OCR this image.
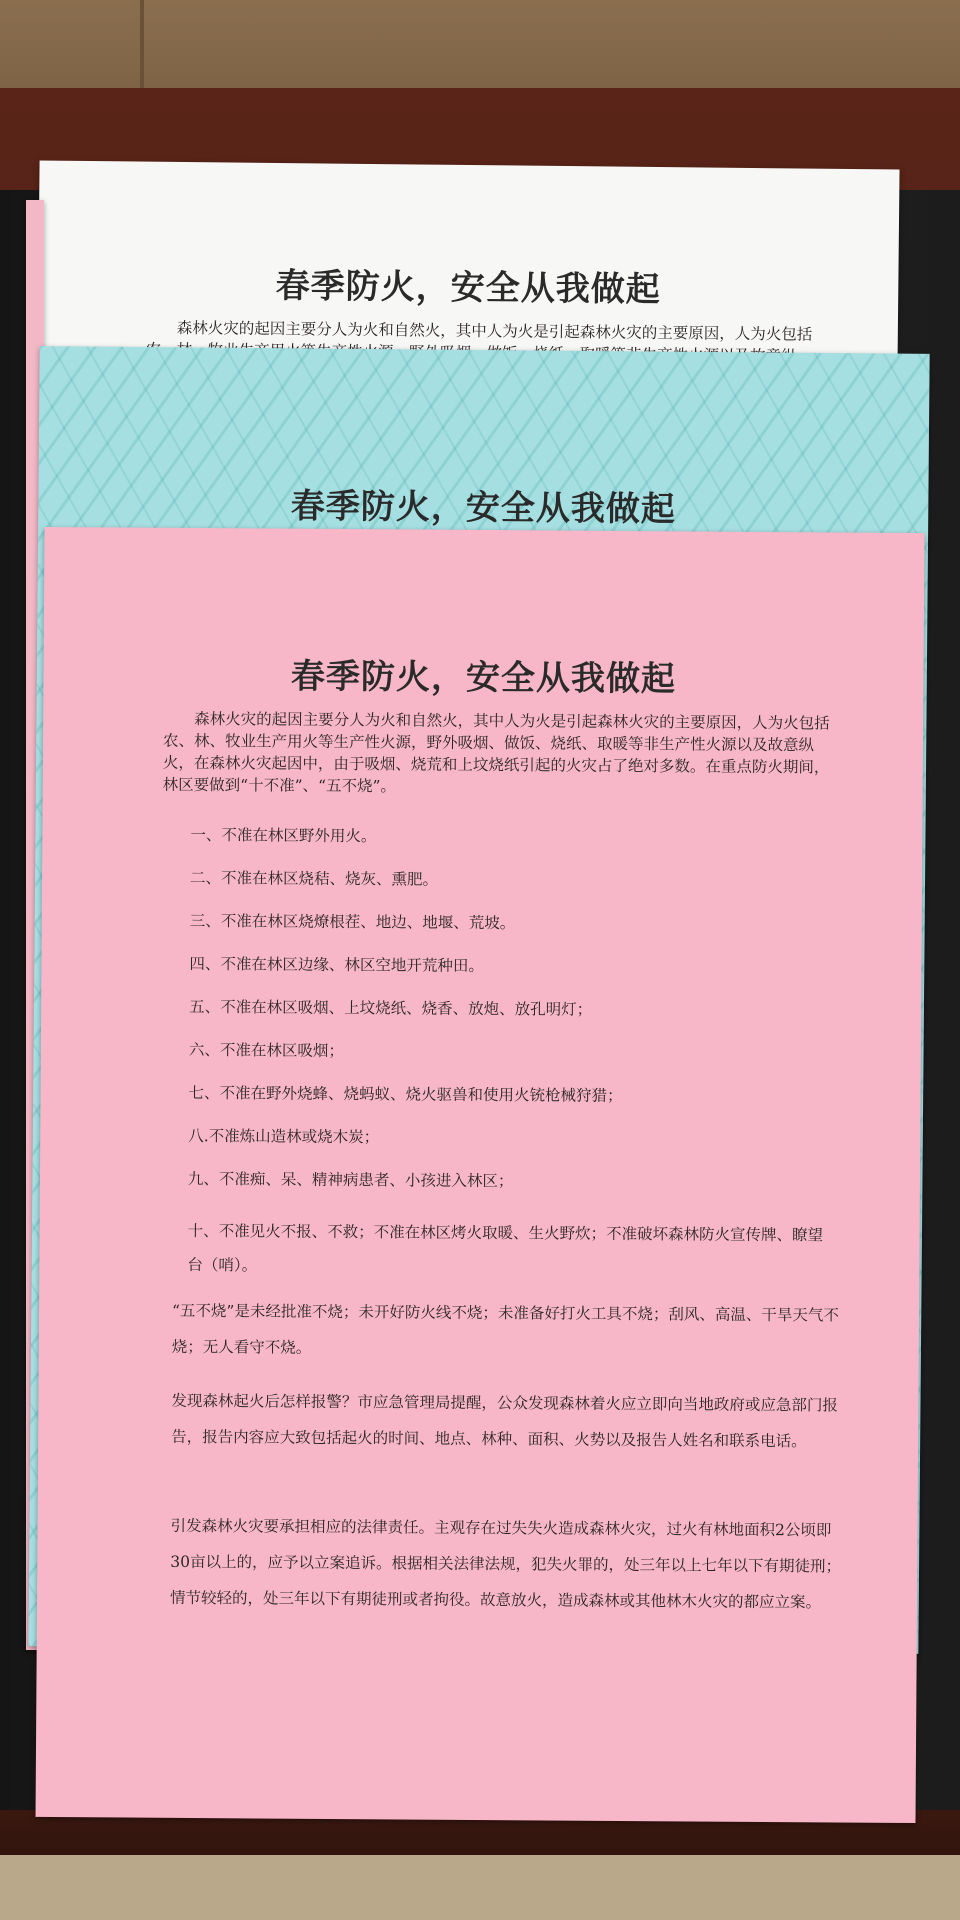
春季防火，安全从我做起

森林火灾的起因主要分人为火和自然火，其中人为火是引起森林火灾的主要原因，人为火包括农、林、牧业生产用火等生产性火源，野外吸烟、做饭、烧纸、取暖等非生产性火源以及故意纵火，在森林火灾起因中，由于吸烟、烧荒和上坟烧纸引起的火灾占了绝对多数。在重点防火期间，林区要做到“十不准”、“五不烧”。

春季防火，安全从我做起
春季防火，安全从我做起

森林火灾的起因主要分人为火和自然火，其中人为火是引起森林火灾的主要原因，人为火包括农、林、牧业生产用火等生产性火源，野外吸烟、做饭、烧纸、取暖等非生产性火源以及故意纵火，在森林火灾起因中，由于吸烟、烧荒和上坟烧纸引起的火灾占了绝对多数。在重点防火期间，林区要做到“十不准”、“五不烧”。

一、不准在林区野外用火。

二、不准在林区烧秸、烧灰、熏肥。

三、不准在林区烧燎根茬、地边、地堰、荒坡。

四、不准在林区边缘、林区空地开荒种田。

五、不准在林区吸烟、上坟烧纸、烧香、放炮、放孔明灯；

六、不准在林区吸烟；

七、不准在野外烧蜂、烧蚂蚁、烧火驱兽和使用火铳枪械狩猎；

八.不准炼山造林或烧木炭；

九、不准痴、呆、精神病患者、小孩进入林区；

十、不准见火不报、不救；不准在林区烤火取暖、生火野炊；不准破坏森林防火宣传牌、瞭望台（哨）。

“五不烧”是未经批准不烧；未开好防火线不烧；未准备好打火工具不烧；刮风、高温、干旱天气不烧；无人看守不烧。

发现森林起火后怎样报警？市应急管理局提醒，公众发现森林着火应立即向当地政府或应急部门报告，报告内容应大致包括起火的时间、地点、林种、面积、火势以及报告人姓名和联系电话。

引发森林火灾要承担相应的法律责任。主观存在过失失火造成森林火灾，过火有林地面积2公顷即30亩以上的，应予以立案追诉。根据相关法律法规，犯失火罪的，处三年以上七年以下有期徒刑；情节较轻的，处三年以下有期徒刑或者拘役。故意放火，造成森林或其他林木火灾的都应立案。
